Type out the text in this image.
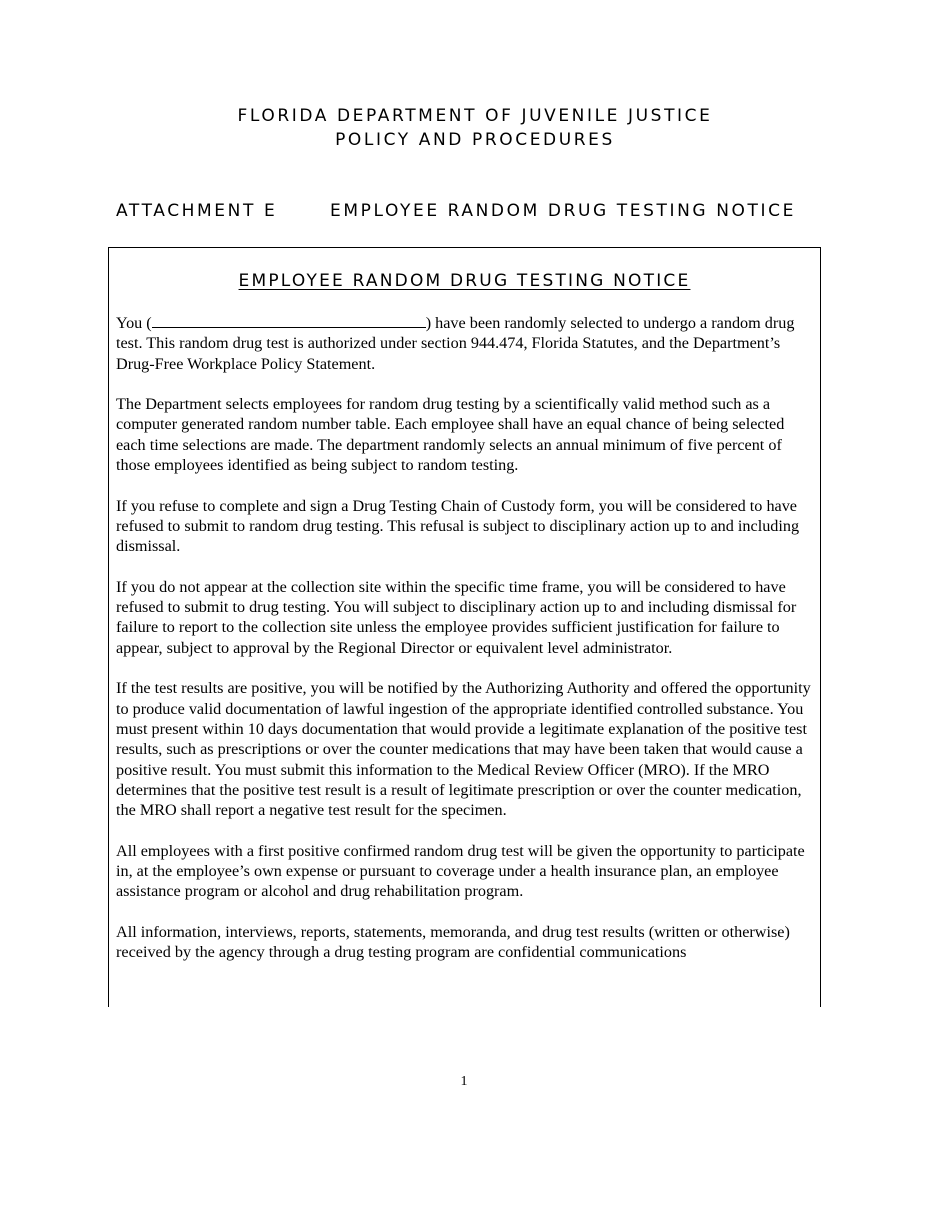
FLORIDA DEPARTMENT OF JUVENILE JUSTICE
POLICY AND PROCEDURES
ATTACHMENT E	EMPLOYEE RANDOM DRUG TESTING NOTICE
EMPLOYEE RANDOM DRUG TESTING NOTICE

You (	) have been randomly selected to undergo a random drug test. This random drug test is authorized under section 944.474, Florida Statutes, and the Department’s Drug-Free Workplace Policy Statement.

The Department selects employees for random drug testing by a scientifically valid method such as a computer generated random number table. Each employee shall have an equal chance of being selected each time selections are made. The department randomly selects an annual minimum of five percent of those employees identified as being subject to random testing.

If you refuse to complete and sign a Drug Testing Chain of Custody form, you will be considered to have refused to submit to random drug testing. This refusal is subject to disciplinary action up to and including dismissal.

If you do not appear at the collection site within the specific time frame, you will be considered to have refused to submit to drug testing. You will subject to disciplinary action up to and including dismissal for failure to report to the collection site unless the employee provides sufficient justification for failure to appear, subject to approval by the Regional Director or equivalent level administrator.

If the test results are positive, you will be notified by the Authorizing Authority and offered the opportunity to produce valid documentation of lawful ingestion of the appropriate identified controlled substance. You must present within 10 days documentation that would provide a legitimate explanation of the positive test results, such as prescriptions or over the counter medications that may have been taken that would cause a positive result. You must submit this information to the Medical Review Officer (MRO). If the MRO determines that the positive test result is a result of legitimate prescription or over the counter medication, the MRO shall report a negative test result for the specimen.

All employees with a first positive confirmed random drug test will be given the opportunity to participate in, at the employee’s own expense or pursuant to coverage under a health insurance plan, an employee assistance program or alcohol and drug rehabilitation program.

All information, interviews, reports, statements, memoranda, and drug test results (written or otherwise) received by the agency through a drug testing program are confidential communications

1
